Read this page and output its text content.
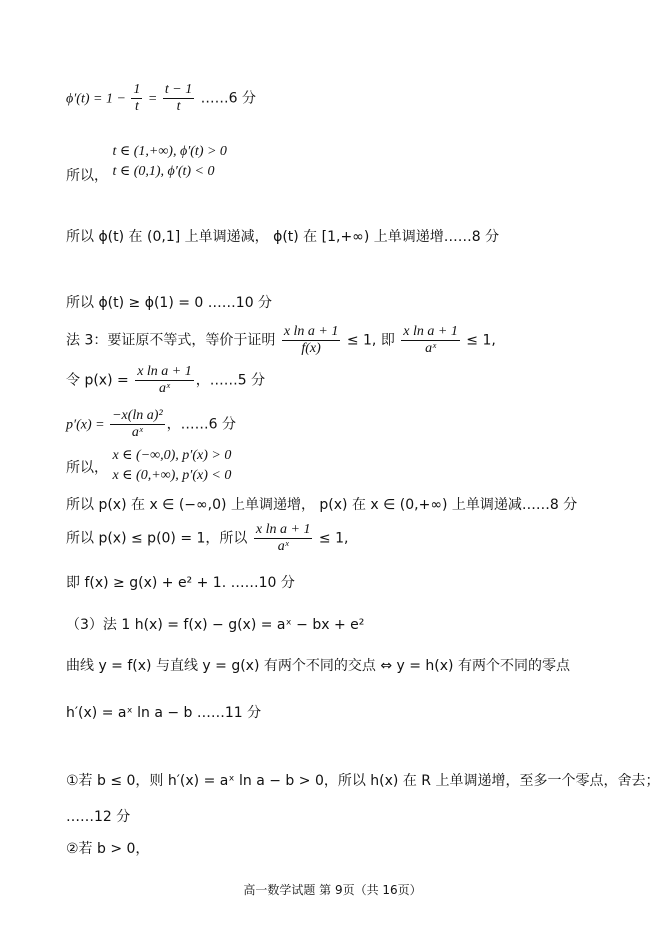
$\phi'(t) = 1 - \frac{1}{t} = \frac{t - 1}{t}$ ……6 分
所以，
t ∈ (1,+∞), ϕ′(t) > 0
t ∈ (0,1), ϕ′(t) < 0
所以 ϕ(t) 在 (0,1] 上单调递减， ϕ(t) 在 [1,+∞) 上单调递增……8 分
所以 ϕ(t) ≥ ϕ(1) = 0 ……10 分
法 3：要证原不等式，等价于证明 $\frac{\text{x ln a + 1}}{f(x)} \le 1$, 即 $\frac{\text{x ln a + 1}}{\text{aˣ}} \le 1$,
令 $p(x) = \frac{\text{x ln a + 1}}{\text{aˣ}}$ ，……5 分
$p'(x) = \frac{\text{−x(ln a)²}}{\text{aˣ}}$ ，……6 分
所以，
x ∈ (−∞,0), p′(x) > 0
x ∈ (0,+∞), p′(x) < 0
所以 p(x) 在 x ∈ (−∞,0) 上单调递增， p(x) 在 x ∈ (0,+∞) 上单调递减……8 分
所以 p(x) ≤ p(0) = 1，所以 $\frac{\text{x ln a + 1}}{\text{aˣ}} \le 1$,
即 f(x) ≥ g(x) + e² + 1. ……10 分
（3）法 1 h(x) = f(x) − g(x) = aˣ − bx + e²
曲线 y = f(x) 与直线 y = g(x) 有两个不同的交点 ⇔ y = h(x) 有两个不同的零点
h′(x) = aˣ ln a − b ……11 分
①若 b ≤ 0，则 h′(x) = aˣ ln a − b > 0，所以 h(x) 在 R 上单调递增，至多一个零点，舍去；
……12 分
②若 b > 0，
高一数学试题 第 9页（共 16页）
